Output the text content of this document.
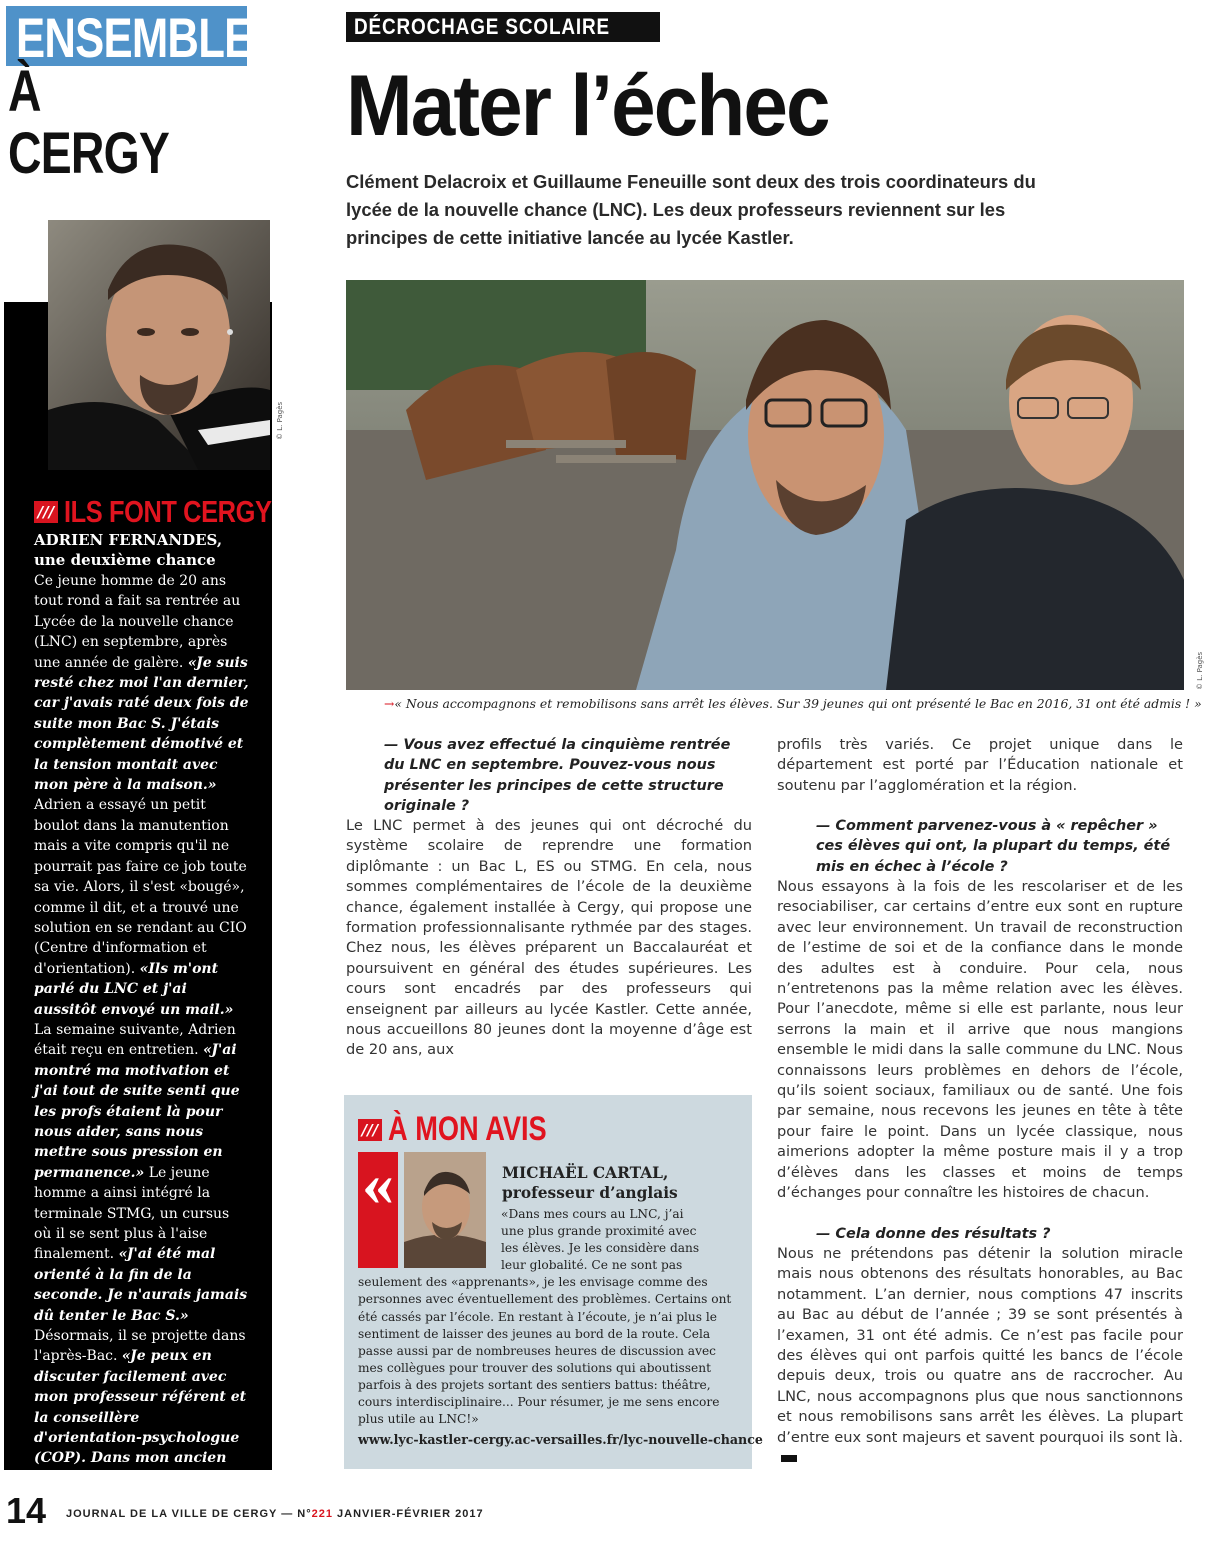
ENSEMBLE
À
CERGY
© L. Pagès
/// ILS FONT CERGY
ADRIEN FERNANDES,
une deuxième chance
Ce jeune homme de 20 ans tout rond a fait sa rentrée au Lycée de la nouvelle chance (LNC) en septembre, après une année de galère. «Je suis resté chez moi l'an dernier, car j'avais raté deux fois de suite mon Bac S. J'étais complètement démotivé et la tension montait avec mon père à la maison.» Adrien a essayé un petit boulot dans la manutention mais a vite compris qu'il ne pourrait pas faire ce job toute sa vie. Alors, il s'est «bougé», comme il dit, et a trouvé une solution en se rendant au CIO (Centre d'information et d'orientation). «Ils m'ont parlé du LNC et j'ai aussitôt envoyé un mail.» La semaine suivante, Adrien était reçu en entretien. «J'ai montré ma motivation et j'ai tout de suite senti que les profs étaient là pour nous aider, sans nous mettre sous pression en permanence.» Le jeune homme a ainsi intégré la terminale STMG, un cursus où il se sent plus à l'aise finalement. «J'ai été mal orienté à la fin de la seconde. Je n'aurais jamais dû tenter le Bac S.» Désormais, il se projette dans l'après-Bac. «Je peux en discuter facilement avec mon professeur référent et la conseillère d'orientation-psychologue (COP). Dans mon ancien lycée, je n'avais même pas identifié la COP!»
DÉCROCHAGE SCOLAIRE
Mater l’échec
Clément Delacroix et Guillaume Feneuille sont deux des trois coordinateurs du lycée de la nouvelle chance (LNC). Les deux professeurs reviennent sur les principes de cette initiative lancée au lycée Kastler.
© L. Pagès
→« Nous accompagnons et remobilisons sans arrêt les élèves. Sur 39 jeunes qui ont présenté le Bac en 2016, 31 ont été admis ! »
— Vous avez effectué la cinquième rentrée du LNC en septembre. Pouvez-vous nous présenter les principes de cette structure originale ?
Le LNC permet à des jeunes qui ont décroché du système scolaire de reprendre une formation diplômante : un Bac L, ES ou STMG. En cela, nous sommes complémentaires de l’école de la deuxième chance, également installée à Cergy, qui propose une formation professionnalisante rythmée par des stages. Chez nous, les élèves préparent un Baccalauréat et poursuivent en général des études supérieures. Les cours sont encadrés par des professeurs qui enseignent par ailleurs au lycée Kastler. Cette année, nous accueillons 80 jeunes dont la moyenne d’âge est de 20 ans, aux
profils très variés. Ce projet unique dans le département est porté par l’Éducation nationale et soutenu par l’agglomération et la région.
— Comment parvenez-vous à « repêcher » ces élèves qui ont, la plupart du temps, été mis en échec à l’école ?
Nous essayons à la fois de les rescolariser et de les resociabiliser, car certains d’entre eux sont en rupture avec leur environnement. Un travail de reconstruction de l’estime de soi et de la confiance dans le monde des adultes est à conduire. Pour cela, nous n’entretenons pas la même relation avec les élèves. Pour l’anecdote, même si elle est parlante, nous leur serrons la main et il arrive que nous mangions ensemble le midi dans la salle commune du LNC. Nous connaissons leurs problèmes en dehors de l’école, qu’ils soient sociaux, familiaux ou de santé. Une fois par semaine, nous recevons les jeunes en tête à tête pour faire le point. Dans un lycée classique, nous aimerions adopter la même posture mais il y a trop d’élèves dans les classes et moins de temps d’échanges pour connaître les histoires de chacun.
— Cela donne des résultats ?
Nous ne prétendons pas détenir la solution miracle mais nous obtenons des résultats honorables, au Bac notamment. L’an dernier, nous comptions 47 inscrits au Bac au début de l’année ; 39 se sont présentés à l’examen, 31 ont été admis. Ce n’est pas facile pour des élèves qui ont parfois quitté les bancs de l’école depuis deux, trois ou quatre ans de raccrocher. Au LNC, nous accompagnons plus que nous sanctionnons et nous remobilisons sans arrêt les élèves. La plupart d’entre eux sont majeurs et savent pourquoi ils sont là.
/// À MON AVIS
«	MICHAËL CARTAL,
professeur d’anglais
«Dans mes cours au LNC, j’ai
une plus grande proximité avec
les élèves. Je les considère dans
leur globalité. Ce ne sont pas
seulement des «apprenants», je les envisage comme des personnes avec éventuellement des problèmes. Certains ont été cassés par l’école. En restant à l’écoute, je n’ai plus le sentiment de laisser des jeunes au bord de la route. Cela passe aussi par de nombreuses heures de discussion avec mes collègues pour trouver des solutions qui aboutissent parfois à des projets sortant des sentiers battus: théâtre, cours interdisciplinaire... Pour résumer, je me sens encore plus utile au LNC!»
www.lyc-kastler-cergy.ac-versailles.fr/lyc-nouvelle-chance
14 JOURNAL DE LA VILLE DE CERGY — N°221 JANVIER-FÉVRIER 2017
